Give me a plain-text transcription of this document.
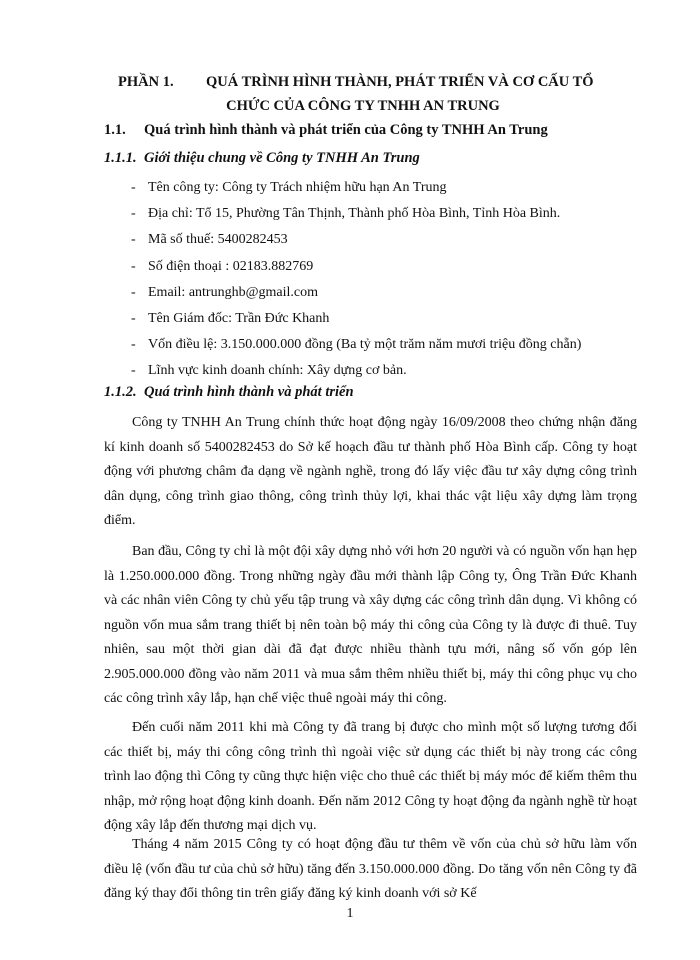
PHẦN 1.	QUÁ TRÌNH HÌNH THÀNH, PHÁT TRIỂN VÀ CƠ CẤU TỔ
CHỨC CỦA CÔNG TY TNHH AN TRUNG
1.1. Quá trình hình thành và phát triển của Công ty TNHH An Trung
1.1.1. Giới thiệu chung về Công ty TNHH An Trung
- Tên công ty: Công ty Trách nhiệm hữu hạn An Trung
- Địa chỉ: Tổ 15, Phường Tân Thịnh, Thành phố Hòa Bình, Tỉnh Hòa Bình.
- Mã số thuế: 5400282453
- Số điện thoại : 02183.882769
- Email: antrunghb@gmail.com
- Tên Giám đốc: Trần Đức Khanh
- Vốn điều lệ: 3.150.000.000 đồng (Ba tỷ một trăm năm mươi triệu đồng chẵn)
- Lĩnh vực kinh doanh chính: Xây dựng cơ bản.
1.1.2. Quá trình hình thành và phát triển

Công ty TNHH An Trung chính thức hoạt động ngày 16/09/2008 theo chứng nhận đăng kí kinh doanh số 5400282453 do Sở kế hoạch đầu tư thành phố Hòa Bình cấp. Công ty hoạt động với phương châm đa dạng về ngành nghề, trong đó lấy việc đầu tư xây dựng công trình dân dụng, công trình giao thông, công trình thủy lợi, khai thác vật liệu xây dựng làm trọng điểm.

Ban đầu, Công ty chỉ là một đội xây dựng nhỏ với hơn 20 người và có nguồn vốn hạn hẹp là 1.250.000.000 đồng. Trong những ngày đầu mới thành lập Công ty, Ông Trần Đức Khanh và các nhân viên Công ty chủ yếu tập trung và xây dựng các công trình dân dụng. Vì không có nguồn vốn mua sắm trang thiết bị nên toàn bộ máy thi công của Công ty là được đi thuê. Tuy nhiên, sau một thời gian dài đã đạt được nhiều thành tựu mới, nâng số vốn góp lên 2.905.000.000 đồng vào năm 2011 và mua sắm thêm nhiều thiết bị, máy thi công phục vụ cho các công trình xây lắp, hạn chế việc thuê ngoài máy thi công.

Đến cuối năm 2011 khi mà Công ty đã trang bị được cho mình một số lượng tương đối các thiết bị, máy thi công công trình thì ngoài việc sử dụng các thiết bị này trong các công trình lao động thì Công ty cũng thực hiện việc cho thuê các thiết bị máy móc để kiếm thêm thu nhập, mở rộng hoạt động kinh doanh. Đến năm 2012 Công ty hoạt động đa ngành nghề từ hoạt động xây lắp đến thương mại dịch vụ.

Tháng 4 năm 2015 Công ty có hoạt động đầu tư thêm về vốn của chủ sở hữu làm vốn điều lệ (vốn đầu tư của chủ sở hữu) tăng đến 3.150.000.000 đồng. Do tăng vốn nên Công ty đã đăng ký thay đổi thông tin trên giấy đăng ký kinh doanh với sở Kế

1
